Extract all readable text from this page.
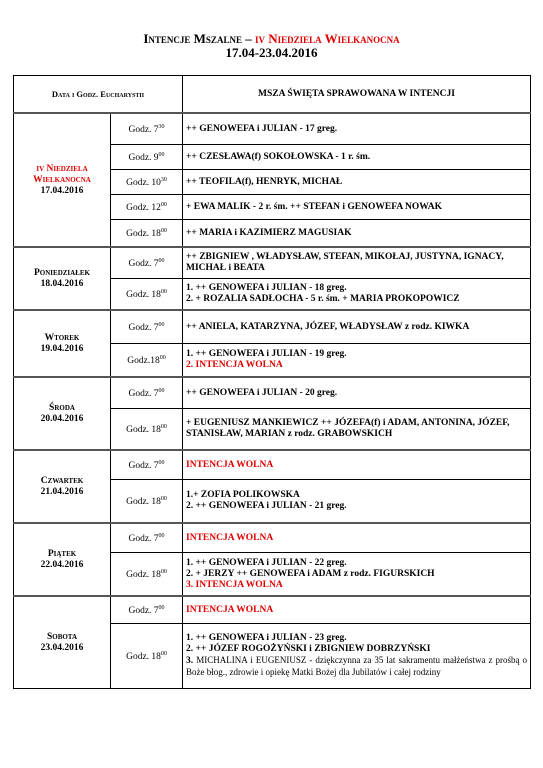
Intencje Mszalne – iv Niedziela Wielkanocna
17.04-23.04.2016
Data i Godz. Eucharystii		MSZA ŚWIĘTA SPRAWOWANA W INTENCJI

iv Niedziela Wielkanocna
17.04.2016	Godz. $7^{30}$	++ GENOWEFA i JULIAN - 17 greg.

	Godz. $9^{00}$	++ CZESŁAWA(f) SOKOŁOWSKA - 1 r. śm.

	Godz. $10^{30}$	++ TEOFILA(f), HENRYK, MICHAŁ

	Godz. $12^{00}$	+ EWA MALIK - 2 r. śm. ++ STEFAN i GENOWEFA NOWAK

	Godz. $18^{00}$	++ MARIA i KAZIMIERZ MAGUSIAK

Poniedziałek
18.04.2016	Godz. $7^{00}$	++ ZBIGNIEW , WŁADYSŁAW, STEFAN, MIKOŁAJ, JUSTYNA, IGNACY, MICHAŁ i BEATA

	Godz. $18^{00}$	1. ++ GENOWEFA i JULIAN - 18 greg.
2. + ROZALIA SADŁOCHA - 5 r. śm. + MARIA PROKOPOWICZ

Wtorek
19.04.2016	Godz. $7^{00}$	++ ANIELA, KATARZYNA, JÓZEF, WŁADYSŁAW z rodz. KIWKA

	$Godz.18^{00}$	1. ++ GENOWEFA i JULIAN - 19 greg.
2. INTENCJA WOLNA

Środa
20.04.2016	Godz. $7^{00}$	++ GENOWEFA i JULIAN - 20 greg.

	Godz. $18^{00}$	+ EUGENIUSZ MANKIEWICZ ++ JÓZEFA(f) i ADAM, ANTONINA, JÓZEF, STANISŁAW, MARIAN z rodz. GRABOWSKICH

Czwartek
21.04.2016	Godz. $7^{00}$	INTENCJA WOLNA

	Godz. $18^{00}$	1.+ ZOFIA POLIKOWSKA
2. ++ GENOWEFA i JULIAN - 21 greg.

Piątek
22.04.2016	Godz. $7^{00}$	INTENCJA WOLNA

	Godz. $18^{00}$	1. ++ GENOWEFA i JULIAN - 22 greg.
2. + JERZY ++ GENOWEFA i ADAM z rodz. FIGURSKICH
3. INTENCJA WOLNA

Sobota
23.04.2016	Godz. $7^{00}$	INTENCJA WOLNA

	Godz. $18^{00}$	1. ++ GENOWEFA i JULIAN - 23 greg.
2. ++ JÓZEF ROGOŻYŃSKI i ZBIGNIEW DOBRZYŃSKI
3. MICHALINA i EUGENIUSZ - dziękczynna za 35 lat sakramentu małżeństwa z prośbą o Boże błog., zdrowie i opiekę Matki Bożej dla Jubilatów i całej rodziny
